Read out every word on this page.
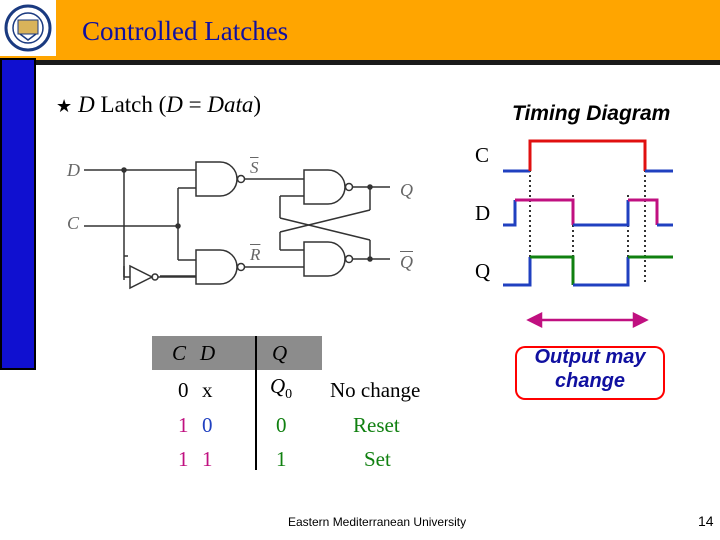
Controlled Latches
★ D Latch (D = Data)	Timing Diagram
D
C
$\overline{S}$
$\overline{R}$
Q
$\overline{Q}$
C
D
Q
Output may
change
C D	Q
0 x	$Q_0$ No change
1 0	0	Reset
1 1	1	Set
Eastern Mediterranean University	14
